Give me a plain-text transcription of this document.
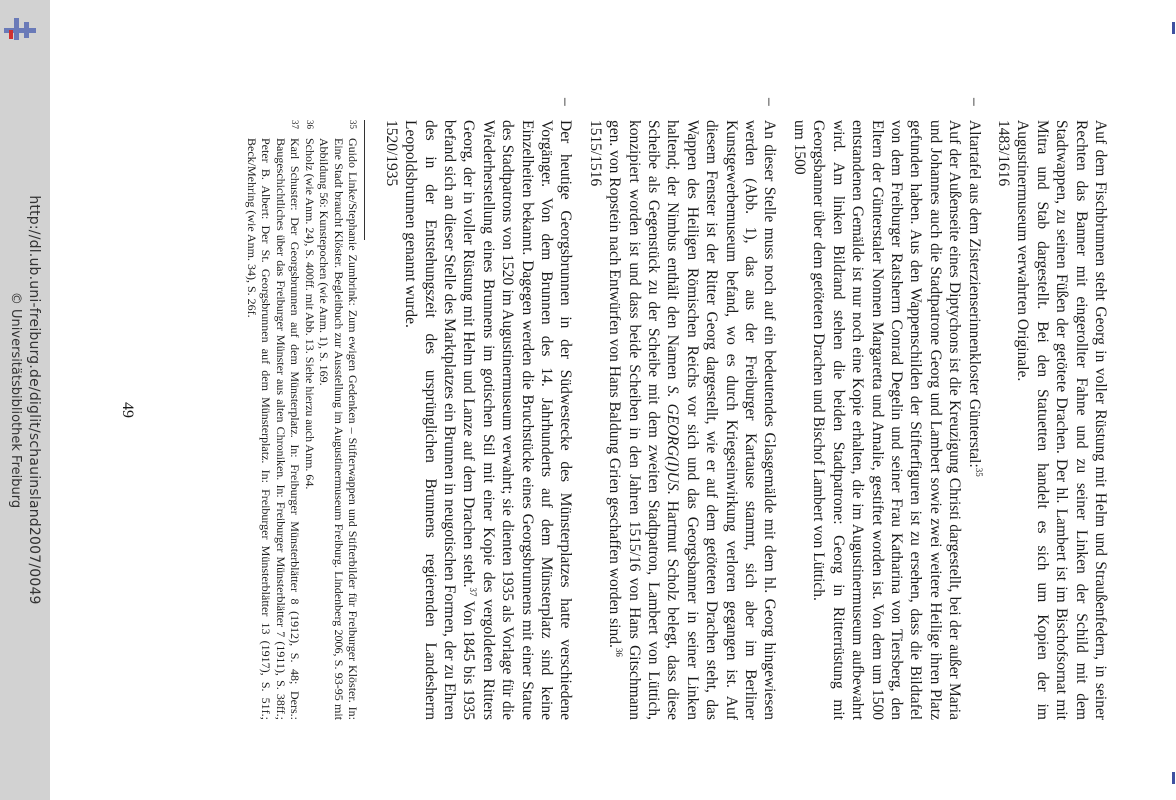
http://dl.ub.uni-freiburg.de/diglit/schauinsland2007/0049
© Universitätsbibliothek Freiburg	Auf dem Fischbrunnen steht Georg in voller Rüstung mit Helm und Straußenfedern, in seiner Rechten das Banner mit eingerollter Fahne und zu seiner Linken der Schild mit dem Stadtwappen, zu seinen Füßen der getötete Drachen. Der hl. Lambert ist im Bischofsornat mit Mitra und Stab dargestellt. Bei den Statuetten handelt es sich um Kopien der im Augustinermuseum verwahrten Originale.

1483/1616

–

Altartafel aus dem Zisterzienserinnenkloster Günterstal:$^{35}$

Auf der Außenseite eines Diptychons ist die Kreuzigung Christi dargestellt, bei der außer Maria und Johannes auch die Stadtpatrone Georg und Lambert sowie zwei weitere Heilige ihren Platz gefunden haben. Aus den Wappenschilden der Stifterfiguren ist zu ersehen, dass die Bildtafel von dem Freiburger Ratsherrn Conrad Degelin und seiner Frau Katharina von Tiersberg, den Eltern der Günterstaler Nonnen Margaretta und Amalie, gestiftet worden ist. Von dem um 1500 entstandenen Gemälde ist nur noch eine Kopie erhalten, die im Augustinermuseum aufbewahrt wird. Am linken Bildrand stehen die beiden Stadtpatrone: Georg in Ritterrüstung mit Georgsbanner über dem getöteten Drachen und Bischof Lambert von Lüttich.

um 1500

–

An dieser Stelle muss noch auf ein bedeutendes Glasgemälde mit dem hl. Georg hingewiesen werden (Abb. 1), das aus der Freiburger Kartause stammt, sich aber im Berliner Kunstgewerbemuseum befand, wo es durch Kriegseinwirkung verloren gegangen ist. Auf diesem Fenster ist der Ritter Georg dargestellt, wie er auf dem getöteten Drachen steht, das Wappen des Heiligen Römischen Reichs vor sich und das Georgsbanner in seiner Linken haltend; der Nimbus enthält den Namen S. GEORG(I)US. Hartmut Scholz belegt, dass diese Scheibe als Gegenstück zu der Scheibe mit dem zweiten Stadtpatron, Lambert von Lüttich, konzipiert worden ist und dass beide Scheiben in den Jahren 1515/16 von Hans Gitschmann gen. von Ropstein nach Entwürfen von Hans Baldung Grien geschaffen worden sind.$^{36}$

1515/1516

–

Der heutige Georgsbrunnen in der Südwestecke des Münsterplatzes hatte verschiedene Vorgänger. Von dem Brunnen des 14. Jahrhunderts auf dem Münsterplatz sind keine Einzelheiten bekannt. Dagegen werden die Bruchstücke eines Georgsbrunnens mit einer Statue des Stadtpatrons von 1520 im Augustinermuseum verwahrt; sie dienten 1935 als Vorlage für die Wiederherstellung eines Brunnens im gotischen Stil mit einer Kopie des vergoldeten Ritters Georg, der in voller Rüstung mit Helm und Lanze auf dem Drachen steht.$^{37}$ Von 1845 bis 1935 befand sich an dieser Stelle des Marktplatzes ein Brunnen in neugotischen Formen, der zu Ehren des in der Entstehungszeit des ursprünglichen Brunnens regierenden Landesherrn Leopoldsbrunnen genannt wurde.

1520/1935

35
Guido Linke/Stephanie Zumbrink: Zum ewigen Gedenken – Stifterwappen und Stifterbilder für Freiburger Klöster. In: Eine Stadt braucht Klöster. Begleitbuch zur Ausstellung im Augustinermuseum Freiburg. Lindenberg 2006, S. 93-95 mit Abbildung 56: Kunstepochen (wie Anm. 1), S. 169.
36
Scholz (wie Anm. 24), S. 400ff. mit Abb. 13. Siehe hierzu auch Anm. 64.
37
Karl Schuster: Der Georgsbrunnen auf dem Münsterplatz. In: Freiburger Münsterblätter 8 (1912), S. 48; Ders.: Baugeschichtliches über das Freiburger Münster aus alten Chroniken. In: Freiburger Münsterblätter 7 (1911), S. 38ff.; Peter B. Albert: Der St. Georgsbrunnen auf dem Münsterplatz. In: Freiburger Münsterblätter 13 (1917), S. 51f.; Beck/Mehring (wie Anm. 34), S. 26f.
49
